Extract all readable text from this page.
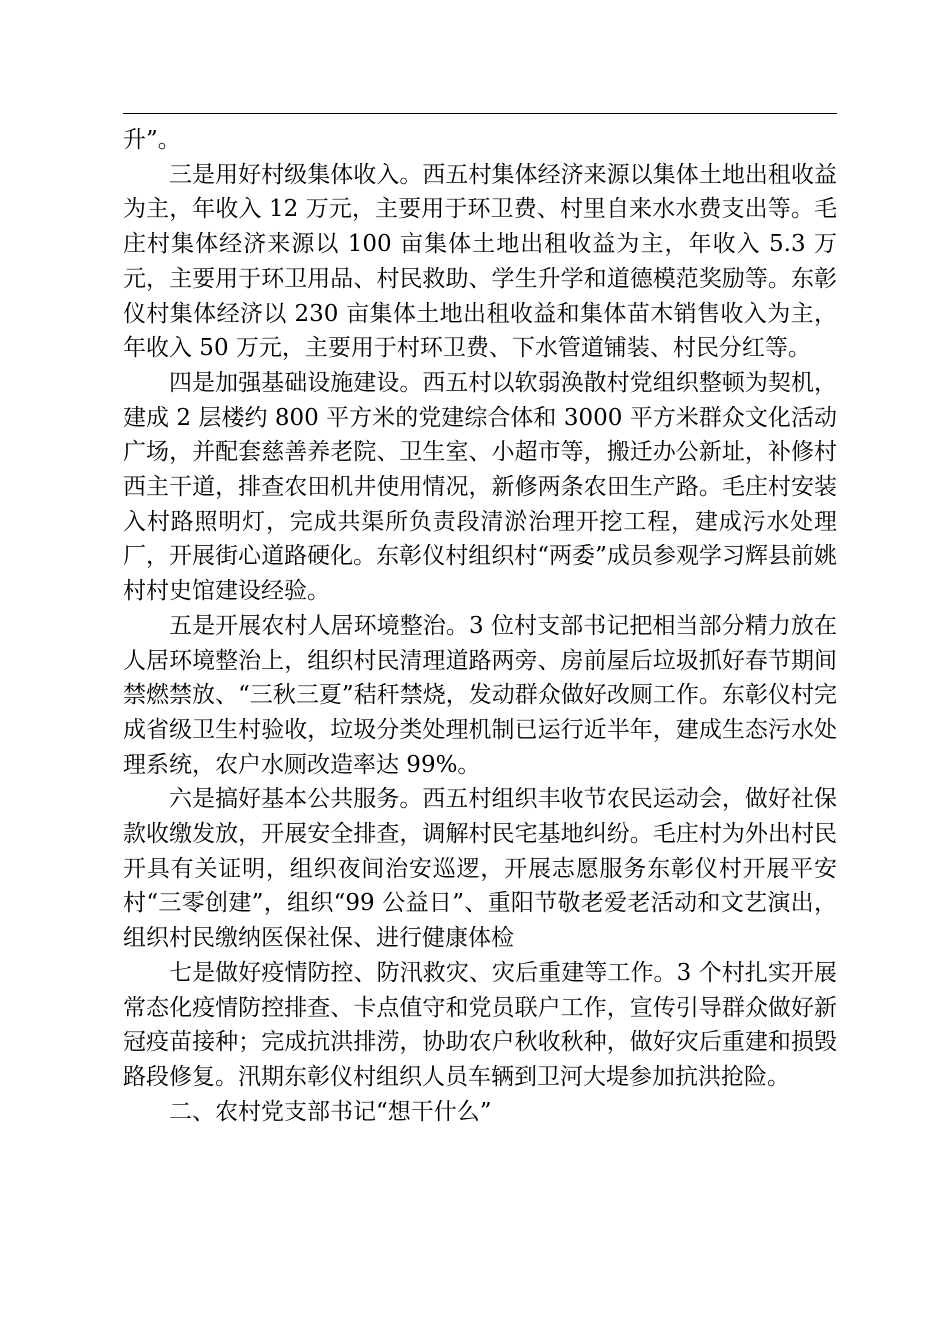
升”。

三是用好村级集体收入。西五村集体经济来源以集体土地出租收益为主，年收入 12 万元，主要用于环卫费、村里自来水水费支出等。毛庄村集体经济来源以 100 亩集体土地出租收益为主，年收入 5.3 万元，主要用于环卫用品、村民救助、学生升学和道德模范奖励等。东彰仪村集体经济以 230 亩集体土地出租收益和集体苗木销售收入为主，年收入 50 万元，主要用于村环卫费、下水管道铺装、村民分红等。

四是加强基础设施建设。西五村以软弱涣散村党组织整顿为契机，建成 2 层楼约 800 平方米的党建综合体和 3000 平方米群众文化活动广场，并配套慈善养老院、卫生室、小超市等，搬迁办公新址，补修村西主干道，排查农田机井使用情况，新修两条农田生产路。毛庄村安装入村路照明灯，完成共渠所负责段清淤治理开挖工程，建成污水处理厂，开展街心道路硬化。东彰仪村组织村“两委”成员参观学习辉县前姚村村史馆建设经验。

五是开展农村人居环境整治。3 位村支部书记把相当部分精力放在人居环境整治上，组织村民清理道路两旁、房前屋后垃圾抓好春节期间禁燃禁放、“三秋三夏”秸秆禁烧，发动群众做好改厕工作。东彰仪村完成省级卫生村验收，垃圾分类处理机制已运行近半年，建成生态污水处理系统，农户水厕改造率达 99%。

六是搞好基本公共服务。西五村组织丰收节农民运动会，做好社保款收缴发放，开展安全排查，调解村民宅基地纠纷。毛庄村为外出村民开具有关证明，组织夜间治安巡逻，开展志愿服务东彰仪村开展平安村“三零创建”，组织“99 公益日”、重阳节敬老爱老活动和文艺演出，组织村民缴纳医保社保、进行健康体检

七是做好疫情防控、防汛救灾、灾后重建等工作。3 个村扎实开展常态化疫情防控排查、卡点值守和党员联户工作，宣传引导群众做好新冠疫苗接种；完成抗洪排涝，协助农户秋收秋种，做好灾后重建和损毁路段修复。汛期东彰仪村组织人员车辆到卫河大堤参加抗洪抢险。

二、农村党支部书记“想干什么”
